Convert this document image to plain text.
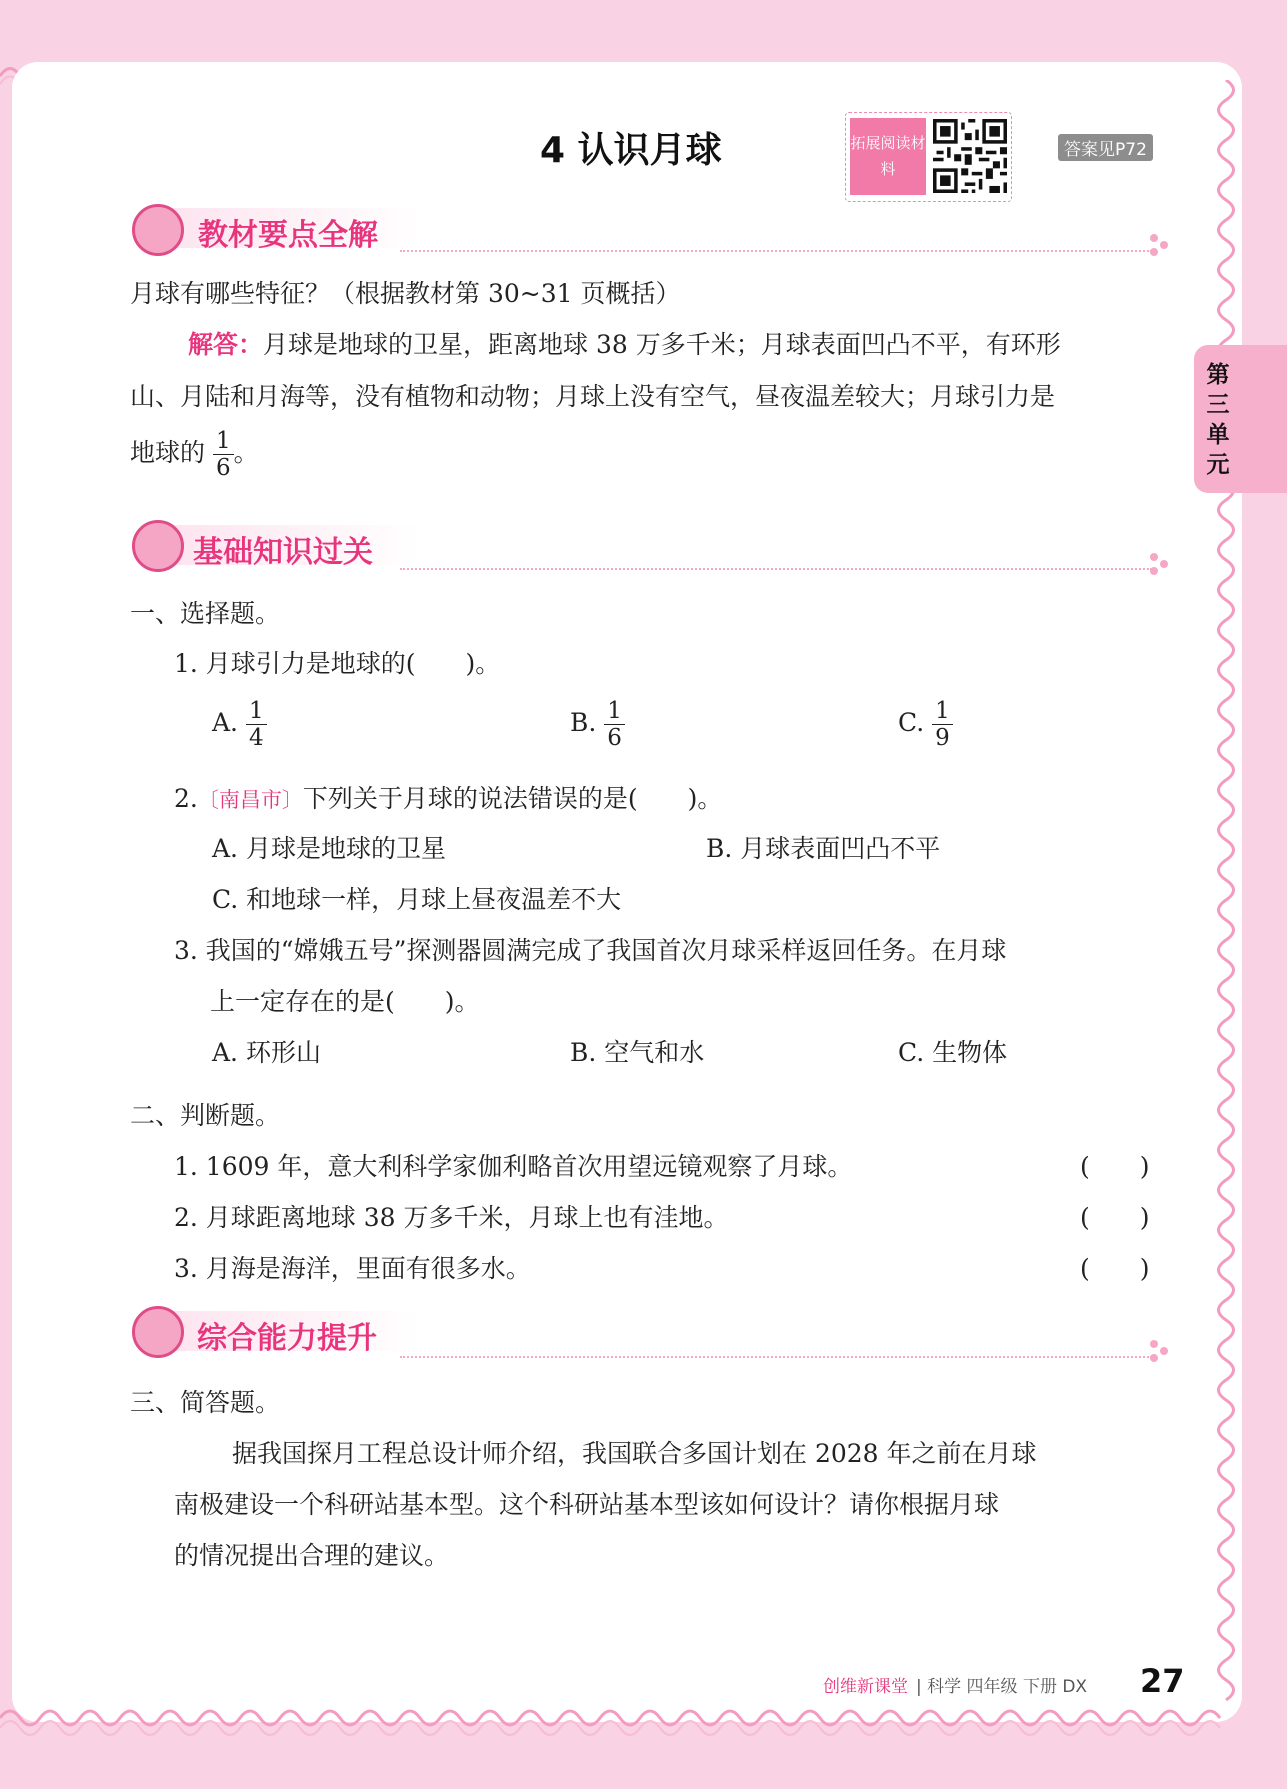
第三单元
4 认识月球	拓展阅读材料
答案见P72
教材要点全解
月球有哪些特征？（根据教材第 30~31 页概括）
解答：月球是地球的卫星，距离地球 38 万多千米；月球表面凹凸不平，有环形
山、月陆和月海等，没有植物和动物；月球上没有空气，昼夜温差较大；月球引力是
地球的 $\frac{1}{6}$ 。
基础知识过关
一、选择题。
1. 月球引力是地球的(　　)。
A. $\frac{1}{4}$	B. $\frac{1}{6}$	C. $\frac{1}{9}$
2.〔南昌市〕下列关于月球的说法错误的是(　　)。
A. 月球是地球的卫星	B. 月球表面凹凸不平
C. 和地球一样，月球上昼夜温差不大
3. 我国的“嫦娥五号”探测器圆满完成了我国首次月球采样返回任务。在月球
上一定存在的是(　　)。
A. 环形山	B. 空气和水	C. 生物体
二、判断题。
1. 1609 年，意大利科学家伽利略首次用望远镜观察了月球。	(　　)
2. 月球距离地球 38 万多千米，月球上也有洼地。	(　　)
3. 月海是海洋，里面有很多水。	(　　)
综合能力提升
三、简答题。
据我国探月工程总设计师介绍，我国联合多国计划在 2028 年之前在月球
南极建设一个科研站基本型。这个科研站基本型该如何设计？请你根据月球
的情况提出合理的建议。
创维新课堂 | 科学 四年级 下册 DX 27
